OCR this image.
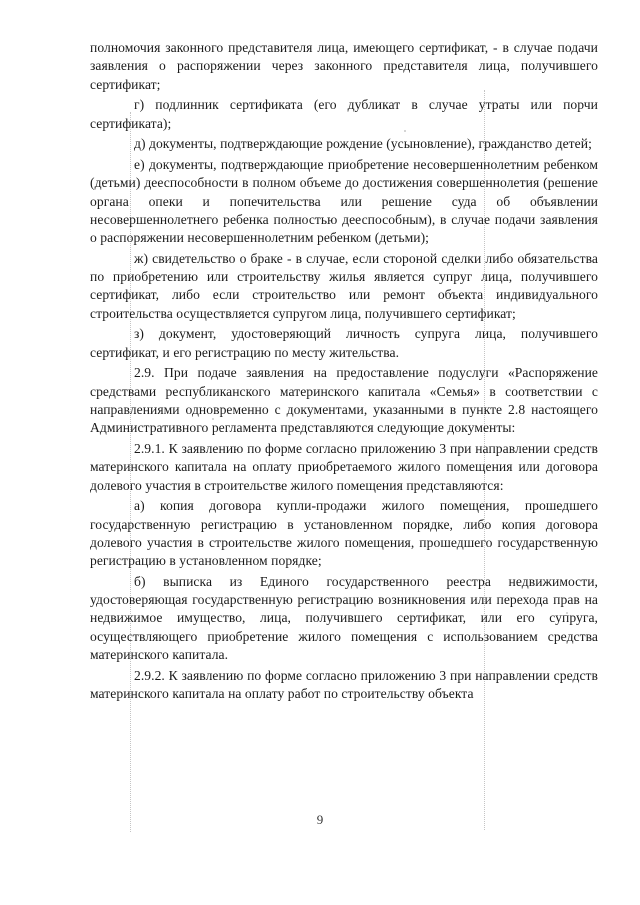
полномочия законного представителя лица, имеющего сертификат, - в случае подачи заявления о распоряжении через законного представителя лица, получившего сертификат;

г) подлинник сертификата (его дубликат в случае утраты или порчи сертификата);

д) документы, подтверждающие рождение (усыновление), гражданство детей;

е) документы, подтверждающие приобретение несовершеннолетним ребенком (детьми) дееспособности в полном объеме до достижения совершеннолетия (решение органа опеки и попечительства или решение суда об объявлении несовершеннолетнего ребенка полностью дееспособным), в случае подачи заявления о распоряжении несовершеннолетним ребенком (детьми);

ж) свидетельство о браке - в случае, если стороной сделки либо обязательства по приобретению или строительству жилья является супруг лица, получившего сертификат, либо если строительство или ремонт объекта индивидуального строительства осуществляется супругом лица, получившего сертификат;

з) документ, удостоверяющий личность супруга лица, получившего сертификат, и его регистрацию по месту жительства.

2.9. При подаче заявления на предоставление подуслуги «Распоряжение средствами республиканского материнского капитала «Семья» в соответствии с направлениями одновременно с документами, указанными в пункте 2.8 настоящего Административного регламента представляются следующие документы:

2.9.1. К заявлению по форме согласно приложению 3 при направлении средств материнского капитала на оплату приобретаемого жилого помещения или договора долевого участия в строительстве жилого помещения представляются:

а) копия договора купли-продажи жилого помещения, прошедшего государственную регистрацию в установленном порядке, либо копия договора долевого участия в строительстве жилого помещения, прошедшего государственную регистрацию в установленном порядке;

б) выписка из Единого государственного реестра недвижимости, удостоверяющая государственную регистрацию возникновения или перехода прав на недвижимое имущество, лица, получившего сертификат, или его супруга, осуществляющего приобретение жилого помещения с использованием средства материнского капитала.

2.9.2. К заявлению по форме согласно приложению 3 при направлении средств материнского капитала на оплату работ по строительству объекта

9
